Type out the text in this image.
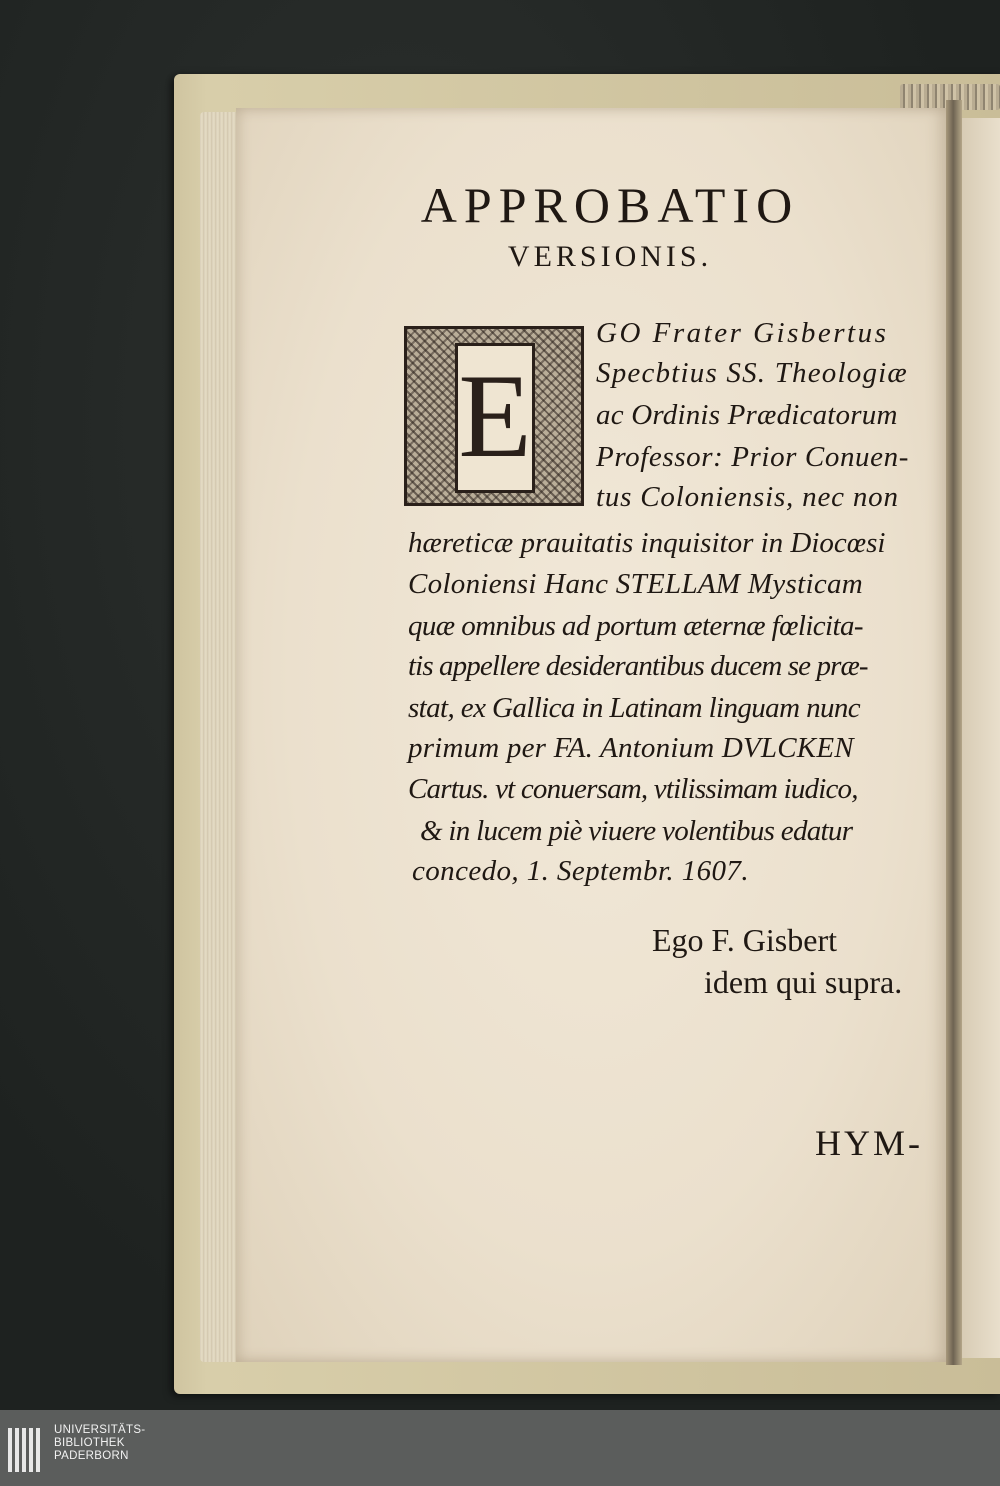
APPROBATIO
VERSIONIS.
E
GO Frater Gisbertus
Specbtius SS. Theologiæ
ac Ordinis Prædicatorum
Professor: Prior Conuen-
tus Coloniensis, nec non
hæreticæ prauitatis inquisitor in Diocœsi
Coloniensi Hanc STELLAM Mysticam
quæ omnibus ad portum æternæ fœlicita-
tis appellere desiderantibus ducem se præ-
stat, ex Gallica in Latinam linguam nunc
primum per FA. Antonium DVLCKEN
Cartus. vt conuersam, vtilissimam iudico,
& in lucem piè viuere volentibus edatur
concedo, 1. Septembr. 1607.
Ego F. Gisbert
idem qui supra.
HYM-
UNIVERSITÄTS-
BIBLIOTHEK
PADERBORN
